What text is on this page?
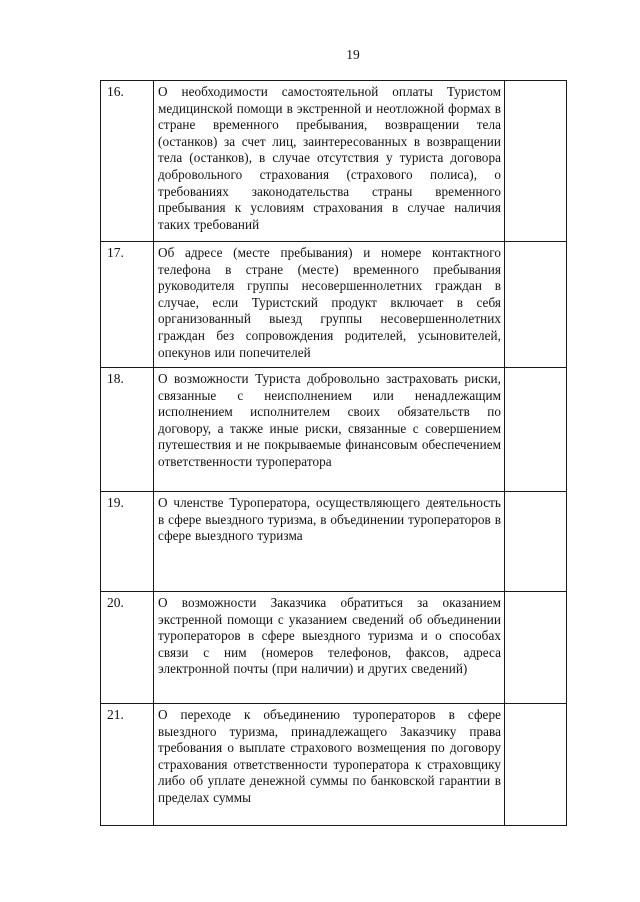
19
16.	О необходимости самостоятельной оплаты Туристом медицинской помощи в экстренной и неотложной формах в стране временного пребывания, возвращении тела (останков) за счет лиц, заинтересованных в возвращении тела (останков), в случае отсутствия у туриста договора добровольного страхования (страхового полиса), о требованиях законодательства страны временного пребывания к условиям страхования в случае наличия таких требований	
17.	Об адресе (месте пребывания) и номере контактного телефона в стране (месте) временного пребывания руководителя группы несовершеннолетних граждан в случае, если Туристский продукт включает в себя организованный выезд группы несовершеннолетних граждан без сопровождения родителей, усыновителей, опекунов или попечителей	
18.	О возможности Туриста добровольно застраховать риски, связанные с неисполнением или ненадлежащим исполнением исполнителем своих обязательств по договору, а также иные риски, связанные с совершением путешествия и не покрываемые финансовым обеспечением ответственности туроператора	
19.	О членстве Туроператора, осуществляющего деятельность в сфере выездного туризма, в объединении туроператоров в сфере выездного туризма	
20.	О возможности Заказчика обратиться за оказанием экстренной помощи с указанием сведений об объединении туроператоров в сфере выездного туризма и о способах связи с ним (номеров телефонов, факсов, адреса электронной почты (при наличии) и других сведений)	
21.	О переходе к объединению туроператоров в сфере выездного туризма, принадлежащего Заказчику права требования о выплате страхового возмещения по договору страхования ответственности туроператора к страховщику либо об уплате денежной суммы по банковской гарантии в пределах суммы	
